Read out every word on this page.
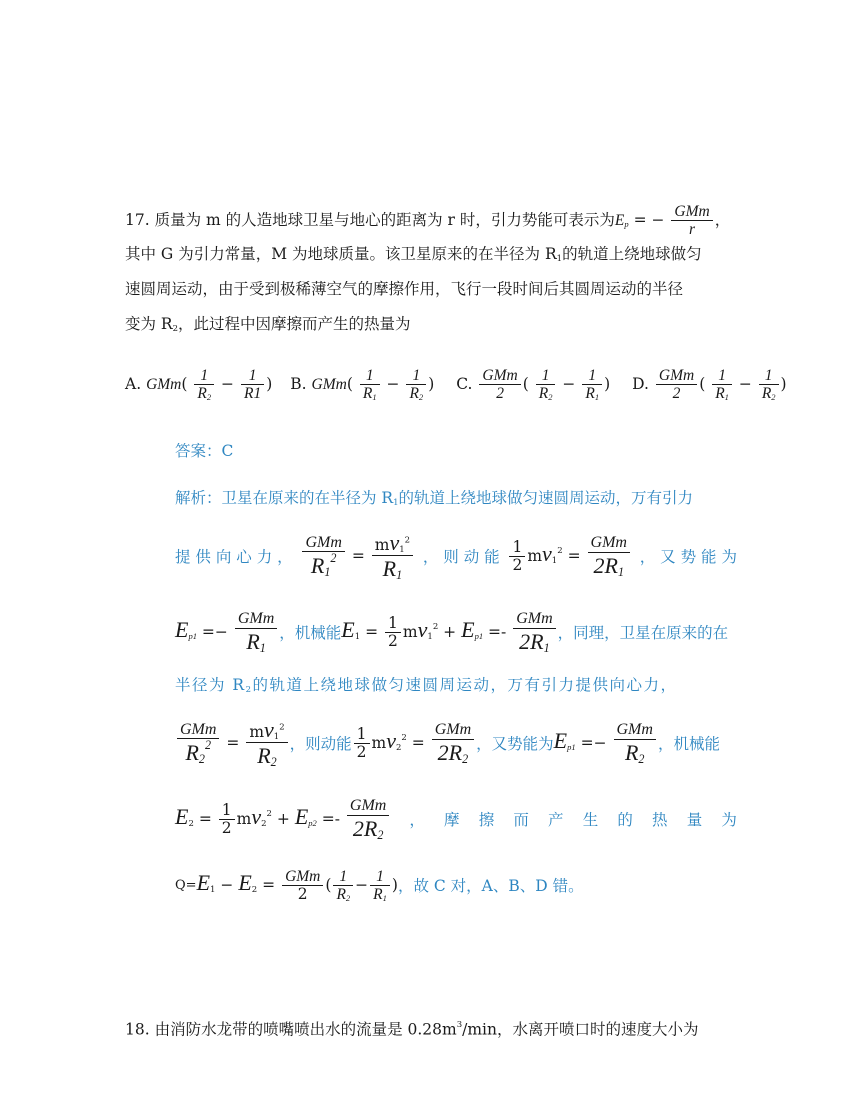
17. 质量为 m 的人造地球卫星与地心的距离为 r 时，引力势能可表示为$E_p$ = − $\frac{\text{GMm}}{r}$ ，
其中 G 为引力常量，M 为地球质量。该卫星原来的在半径为 $R_1$的轨道上绕地球做匀
速圆周运动，由于受到极稀薄空气的摩擦作用，飞行一段时间后其圆周运动的半径
变为 $R_2$，此过程中因摩擦而产生的热量为
A. $GMm( \frac{1}{R_2} - \frac{1}{R1}$ ) B. $GMm( \frac{1}{R_1} - \frac{1}{R_2}$ ) C. $\frac{\text{GMm}}{2}$ ( $\frac{1}{R_2} - \frac{1}{R_1}$ ) D. $\frac{\text{GMm}}{2}$ ( $\frac{1}{R_1} - \frac{1}{R_2}$ )
答案：C
解析：卫星在原来的在半径为 $R_1$的轨道上绕地球做匀速圆周运动，万有引力
提 供 向 心 力 ， $\frac{\text{GMm}}{R_1^2} = \frac{mv_1^2}{R_1}$ ， 则 动 能 $\frac{1}{2} mv_1^2 = \frac{\text{GMm}}{2R_1}$ ， 又 势 能 为
$E_{p1} =- \frac{\text{GMm}}{R_1}$ ，机械能 $E_1 = \frac{1}{2} mv_1^2 + E_{p1} =- \frac{\text{GMm}}{2R_1}$ ，同理，卫星在原来的在
半径为 $R_2$的轨道上绕地球做匀速圆周运动，万有引力提供向心力，
$\frac{\text{GMm}}{R_2^2} = \frac{mv_1^2}{R_2}$ ，则动能 $\frac{1}{2} mv_2^2 = \frac{\text{GMm}}{2R_2}$ ，又势能为 $E_{p1} =- \frac{\text{GMm}}{R_2}$ ，机械能
$E_2 = \frac{1}{2} mv_2^2 + E_{p2} =- \frac{\text{GMm}}{2R_2}$ ， 摩 擦 而 产 生 的 热 量 为
$Q= E_1 - E_2 = \frac{\text{GMm}}{2}$ ( $\frac{1}{R_2} - \frac{1}{R_1}$ ) ，故 C 对，A、B、D 错。
18. 由消防水龙带的喷嘴喷出水的流量是 $0.28m^3/\min$，水离开喷口时的速度大小为
